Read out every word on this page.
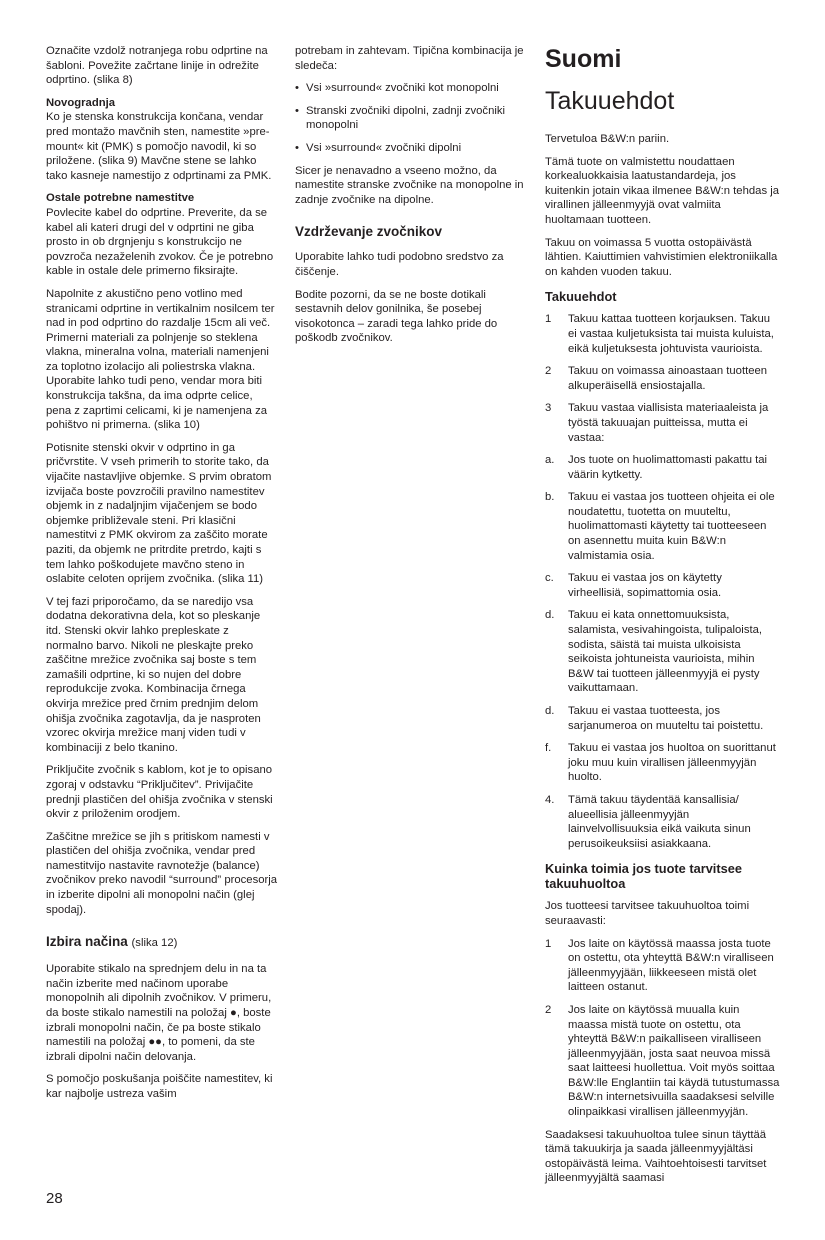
Označite vzdolž notranjega robu odprtine na šabloni. Povežite začrtane linije in odrežite odprtino. (slika 8)

Novogradnja

Ko je stenska konstrukcija končana, vendar pred montažo mavčnih sten, namestite »pre-mount« kit (PMK) s pomočjo navodil, ki so priložene. (slika 9) Mavčne stene se lahko tako kasneje namestijo z odprtinami za PMK.

Ostale potrebne namestitve

Povlecite kabel do odprtine. Preverite, da se kabel ali kateri drugi del v odprtini ne giba prosto in ob drgnjenju s konstrukcijo ne povzroča nezaželenih zvokov. Če je potrebno kable in ostale dele primerno fiksirajte.

Napolnite z akustično peno votlino med stranicami odprtine in vertikalnim nosilcem ter nad in pod odprtino do razdalje 15cm ali več. Primerni materiali za polnjenje so steklena vlakna, mineralna volna, materiali namenjeni za toplotno izolacijo ali poliestrska vlakna. Uporabite lahko tudi peno, vendar mora biti konstrukcija takšna, da ima odprte celice, pena z zaprtimi celicami, ki je namenjena za pohištvo ni primerna. (slika 10)

Potisnite stenski okvir v odprtino in ga pričvrstite. V vseh primerih to storite tako, da vijačite nastavljive objemke. S prvim obratom izvijača boste povzročili pravilno namestitev objemk in z nadaljnjim vijačenjem se bodo objemke približevale steni. Pri klasični namestitvi z PMK okvirom za zaščito morate paziti, da objemk ne pritrdite pretrdo, kajti s tem lahko poškodujete mavčno steno in oslabite celoten oprijem zvočnika. (slika 11)

V tej fazi priporočamo, da se naredijo vsa dodatna dekorativna dela, kot so pleskanje itd. Stenski okvir lahko prepleskate z normalno barvo. Nikoli ne pleskajte preko zaščitne mrežice zvočnika saj boste s tem zamašili odprtine, ki so nujen del dobre reprodukcije zvoka. Kombinacija črnega okvirja mrežice pred črnim prednjim delom ohišja zvočnika zagotavlja, da je nasproten vzorec okvirja mrežice manj viden tudi v kombinaciji z belo tkanino.

Priključite zvočnik s kablom, kot je to opisano zgoraj v odstavku “Priključitev”. Privijačite prednji plastičen del ohišja zvočnika v stenski okvir z priloženim orodjem.

Zaščitne mrežice se jih s pritiskom namesti v plastičen del ohišja zvočnika, vendar pred namestitvijo nastavite ravnotežje (balance) zvočnikov preko navodil “surround” procesorja in izberite dipolni ali monopolni način (glej spodaj).

Izbira načina (slika 12)

Uporabite stikalo na sprednjem delu in na ta način izberite med načinom uporabe monopolnih ali dipolnih zvočnikov. V primeru, da boste stikalo namestili na položaj ●, boste izbrali monopolni način, če pa boste stikalo namestili na položaj ●●, to pomeni, da ste izbrali dipolni način delovanja.

S pomočjo poskušanja poiščite namestitev, ki kar najbolje ustreza vašim

potrebam in zahtevam. Tipična kombinacija je sledeča:

• Vsi »surround« zvočniki kot monopolni
• Stranski zvočniki dipolni, zadnji zvočniki monopolni
• Vsi »surround« zvočniki dipolni

Sicer je nenavadno a vseeno možno, da namestite stranske zvočnike na monopolne in zadnje zvočnike na dipolne.

Vzdrževanje zvočnikov

Uporabite lahko tudi podobno sredstvo za čiščenje.

Bodite pozorni, da se ne boste dotikali sestavnih delov gonilnika, še posebej visokotonca – zaradi tega lahko pride do poškodb zvočnikov.

Suomi
Takuuehdot

Tervetuloa B&W:n pariin.

Tämä tuote on valmistettu noudattaen korkealuokkaisia laatustandardeja, jos kuitenkin jotain vikaa ilmenee B&W:n tehdas ja virallinen jälleenmyyjä ovat valmiita huoltamaan tuotteen.

Takuu on voimassa 5 vuotta ostopäivästä lähtien. Kaiuttimien vahvistimien elektroniikalla on kahden vuoden takuu.

Takuuehdot
1	Takuu kattaa tuotteen korjauksen. Takuu ei vastaa kuljetuksista tai muista kuluista, eikä kuljetuksesta johtuvista vaurioista.
2	Takuu on voimassa ainoastaan tuotteen alkuperäisellä ensiostajalla.
3	Takuu vastaa viallisista materiaaleista ja työstä takuuajan puitteissa, mutta ei vastaa:
a.	Jos tuote on huolimattomasti pakattu tai väärin kytketty.
b.	Takuu ei vastaa jos tuotteen ohjeita ei ole noudatettu, tuotetta on muuteltu, huolimattomasti käytetty tai tuotteeseen on asennettu muita kuin B&W:n valmistamia osia.
c.	Takuu ei vastaa jos on käytetty virheellisiä, sopimattomia osia.
d.	Takuu ei kata onnettomuuksista, salamista, vesivahingoista, tulipaloista, sodista, säistä tai muista ulkoisista seikoista johtuneista vaurioista, mihin B&W tai tuotteen jälleenmyyjä ei pysty vaikuttamaan.
d.	Takuu ei vastaa tuotteesta, jos sarjanumeroa on muuteltu tai poistettu.
f.	Takuu ei vastaa jos huoltoa on suorittanut joku muu kuin virallisen jälleenmyyjän huolto.
4.	Tämä takuu täydentää kansallisia/ alueellisia jälleenmyyjän lainvelvollisuuksia eikä vaikuta sinun perusoikeuksiisi asiakkaana.
Kuinka toimia jos tuote tarvitsee takuuhuoltoa

Jos tuotteesi tarvitsee takuuhuoltoa toimi seuraavasti:

1	Jos laite on käytössä maassa josta tuote on ostettu, ota yhteyttä B&W:n viralliseen jälleenmyyjään, liikkeeseen mistä olet laitteen ostanut.
2	Jos laite on käytössä muualla kuin maassa mistä tuote on ostettu, ota yhteyttä B&W:n paikalliseen viralliseen jälleenmyyjään, josta saat neuvoa missä saat laitteesi huollettua. Voit myös soittaa B&W:lle Englantiin tai käydä tutustumassa B&W:n internetsivuilla saadaksesi selville olinpaikkasi virallisen jälleenmyyjän.

Saadaksesi takuuhuoltoa tulee sinun täyttää tämä takuukirja ja saada jälleenmyyjältäsi ostopäivästä leima. Vaihtoehtoisesti tarvitset jälleenmyyjältä saamasi

28
